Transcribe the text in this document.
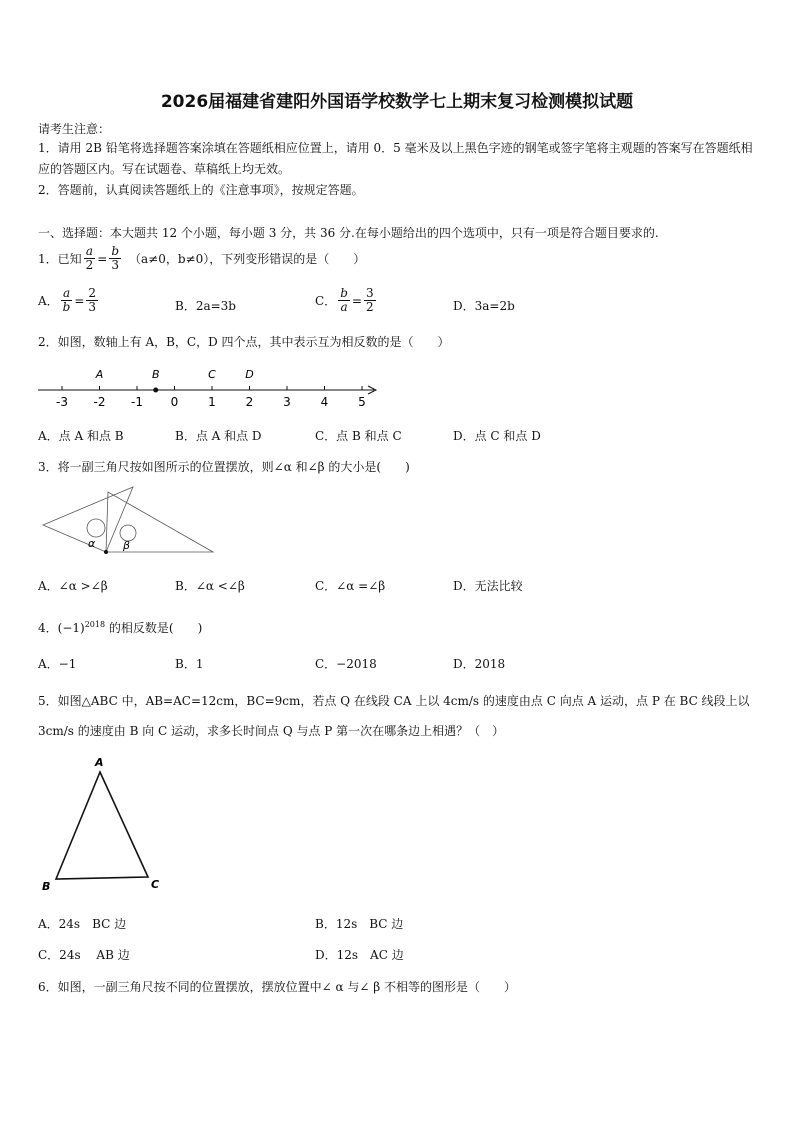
2026届福建省建阳外国语学校数学七上期末复习检测模拟试题
请考生注意：
1．请用 2B 铅笔将选择题答案涂填在答题纸相应位置上，请用 0．5 毫米及以上黑色字迹的钢笔或签字笔将主观题的答案写在答题纸相应的答题区内。写在试题卷、草稿纸上均无效。
2．答题前，认真阅读答题纸上的《注意事项》，按规定答题。
一、选择题：本大题共 12 个小题，每小题 3 分，共 36 分.在每小题给出的四个选项中，只有一项是符合题目要求的.
1．已知 $\frac{a}{2} = \frac{b}{3} (a\ne 0$，b≠0），下列变形错误的是（　　）
A． $\frac{a}{b} = \frac{2}{3}$	B．2a=3b	C． $\frac{b}{a} = \frac{3}{2}$	D．3a=2b
2．如图，数轴上有 A，B，C，D 四个点，其中表示互为相反数的是（　　）
-3 -2 -1 0 1 2 3 4 5
A	B	C	D
A．点 A 和点 B	B．点 A 和点 D	C．点 B 和点 C	D．点 C 和点 D
3．将一副三角尺按如图所示的位置摆放，则∠α 和∠β 的大小是(　　)
α	β
A．∠α >∠β	B．∠α <∠β	C．∠α =∠β	D．无法比较
4．$(-1)^{2018}$ 的相反数是(　　)
A．−1	B．1	C．−2018	D．2018
5．如图△ABC 中，AB=AC=12cm，BC=9cm，若点 Q 在线段 CA 上以 4cm/s 的速度由点 C 向点 A 运动，点 P 在 BC 线段上以 3cm/s 的速度由 B 向 C 运动，求多长时间点 Q 与点 P 第一次在哪条边上相遇？（　）
A
B	C
A．24s　BC 边	B．12s　BC 边
C．24s　 AB 边	D．12s　AC 边
6．如图，一副三角尺按不同的位置摆放，摆放位置中∠ α 与∠ β 不相等的图形是（　　）
